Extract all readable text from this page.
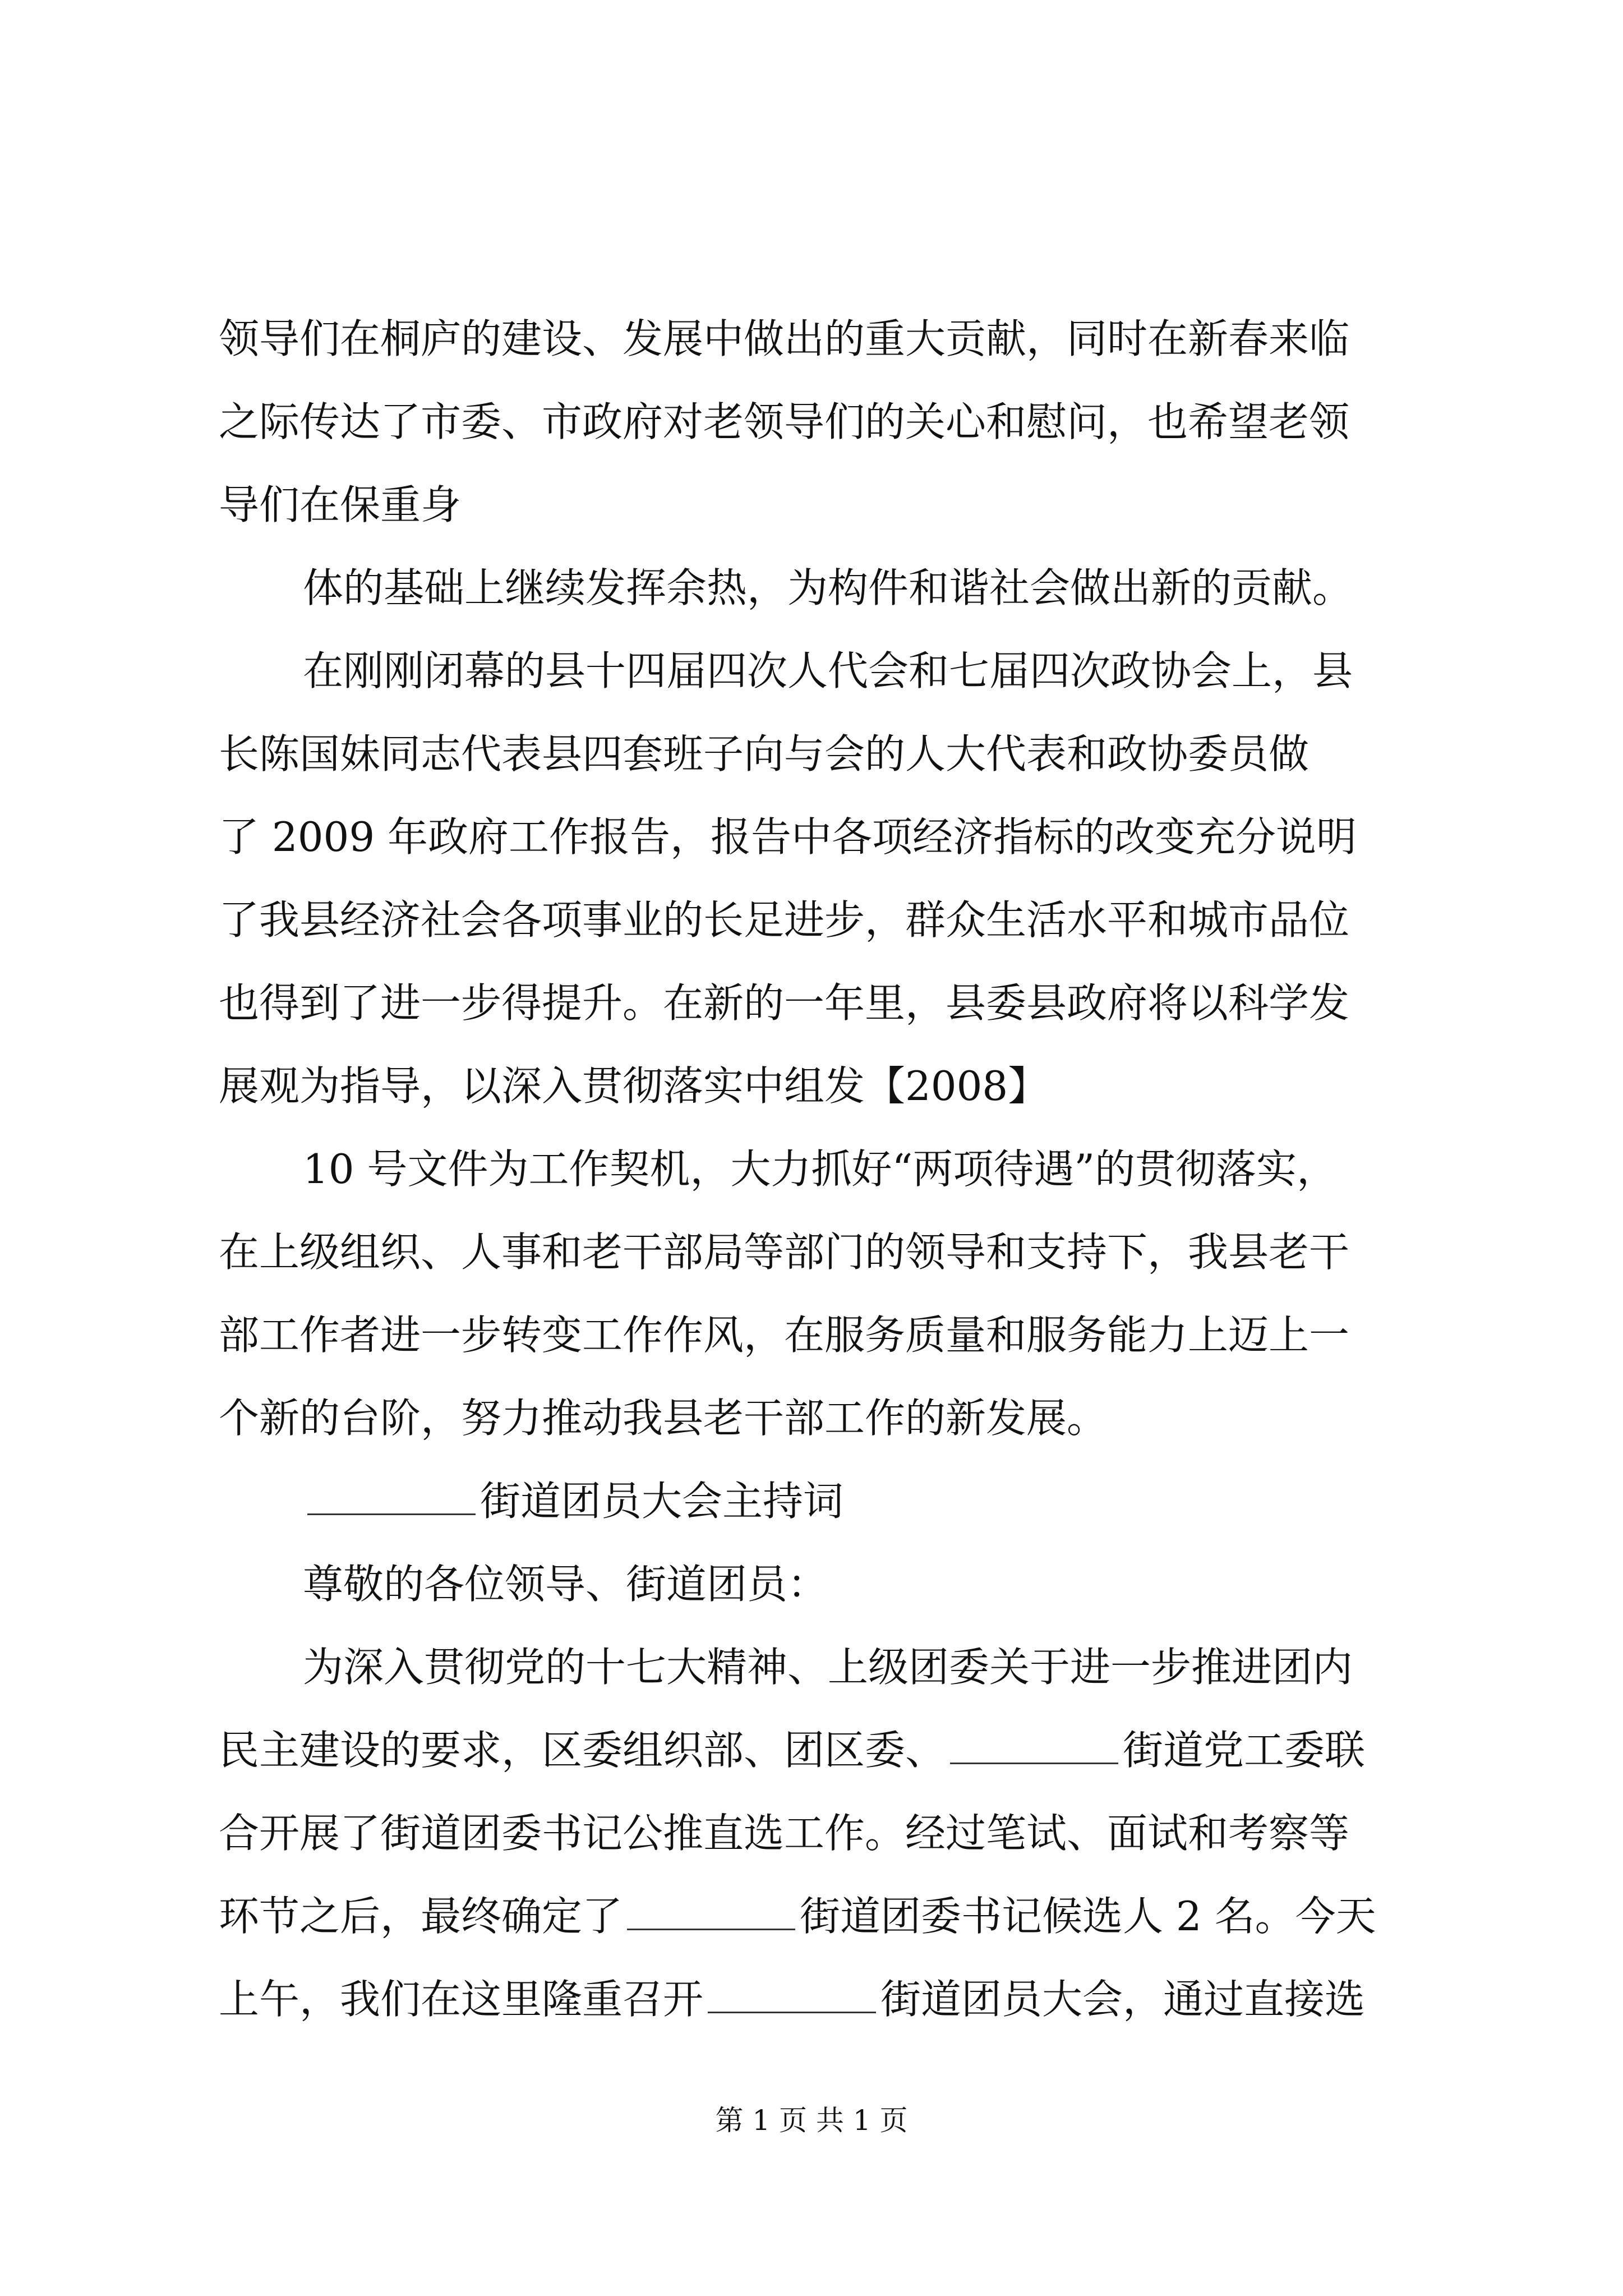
领导们在桐庐的建设、发展中做出的重大贡献，同时在新春来临
之际传达了市委、市政府对老领导们的关心和慰问，也希望老领
导们在保重身
体的基础上继续发挥余热，为构件和谐社会做出新的贡献。
在刚刚闭幕的县十四届四次人代会和七届四次政协会上，县
长陈国妹同志代表县四套班子向与会的人大代表和政协委员做
了 2009 年政府工作报告，报告中各项经济指标的改变充分说明
了我县经济社会各项事业的长足进步，群众生活水平和城市品位
也得到了进一步得提升。在新的一年里，县委县政府将以科学发
展观为指导，以深入贯彻落实中组发【2008】
10 号文件为工作契机，大力抓好“两项待遇”的贯彻落实，
在上级组织、人事和老干部局等部门的领导和支持下，我县老干
部工作者进一步转变工作作风，在服务质量和服务能力上迈上一
个新的台阶，努力推动我县老干部工作的新发展。
街道团员大会主持词
尊敬的各位领导、街道团员：
为深入贯彻党的十七大精神、上级团委关于进一步推进团内
民主建设的要求，区委组织部、团区委、	街道党工委联
合开展了街道团委书记公推直选工作。经过笔试、面试和考察等
环节之后，最终确定了	街道团委书记候选人 2 名。今天
上午，我们在这里隆重召开	街道团员大会，通过直接选
第 1 页 共 1 页
